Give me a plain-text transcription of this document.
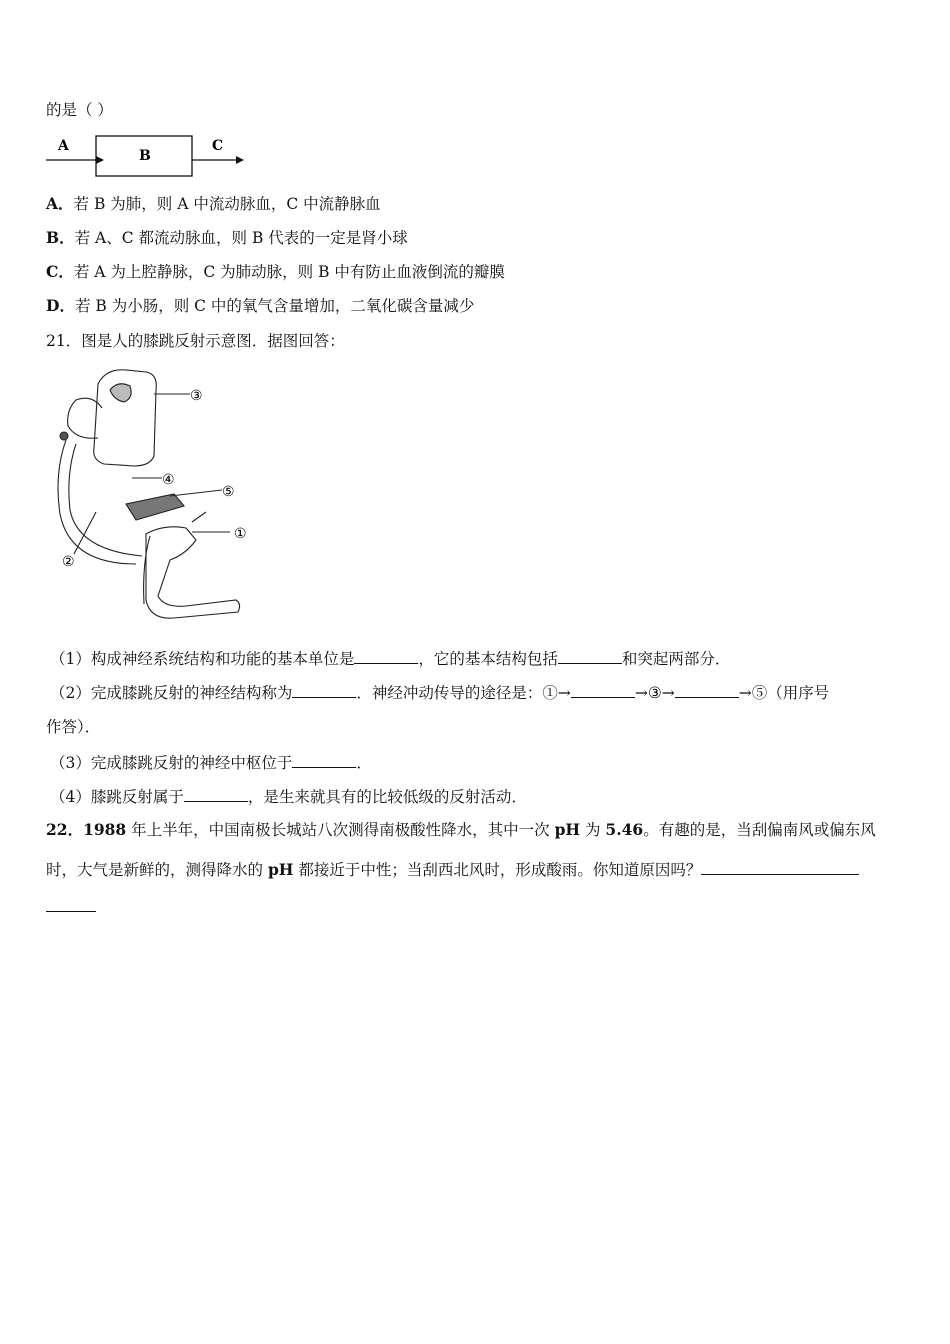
的是（ ）
A
B
C
A．若 B 为肺，则 A 中流动脉血，C 中流静脉血
B．若 A、C 都流动脉血，则 B 代表的一定是肾小球
C．若 A 为上腔静脉，C 为肺动脉，则 B 中有防止血液倒流的瓣膜
D．若 B 为小肠，则 C 中的氧气含量增加，二氧化碳含量减少
21．图是人的膝跳反射示意图．据图回答：
③
④
⑤
①
②
（1）构成神经系统结构和功能的基本单位是	，它的基本结构包括	和突起两部分．
（2）完成膝跳反射的神经结构称为	．神经冲动传导的途径是：①→	→③→	→⑤（用序号
作答）．
（3）完成膝跳反射的神经中枢位于	．
（4）膝跳反射属于	，是生来就具有的比较低级的反射活动．
22．1988 年上半年，中国南极长城站八次测得南极酸性降水，其中一次 pH 为 5.46。有趣的是，当刮偏南风或偏东风
时，大气是新鲜的，测得降水的 pH 都接近于中性；当刮西北风时，形成酸雨。你知道原因吗？
